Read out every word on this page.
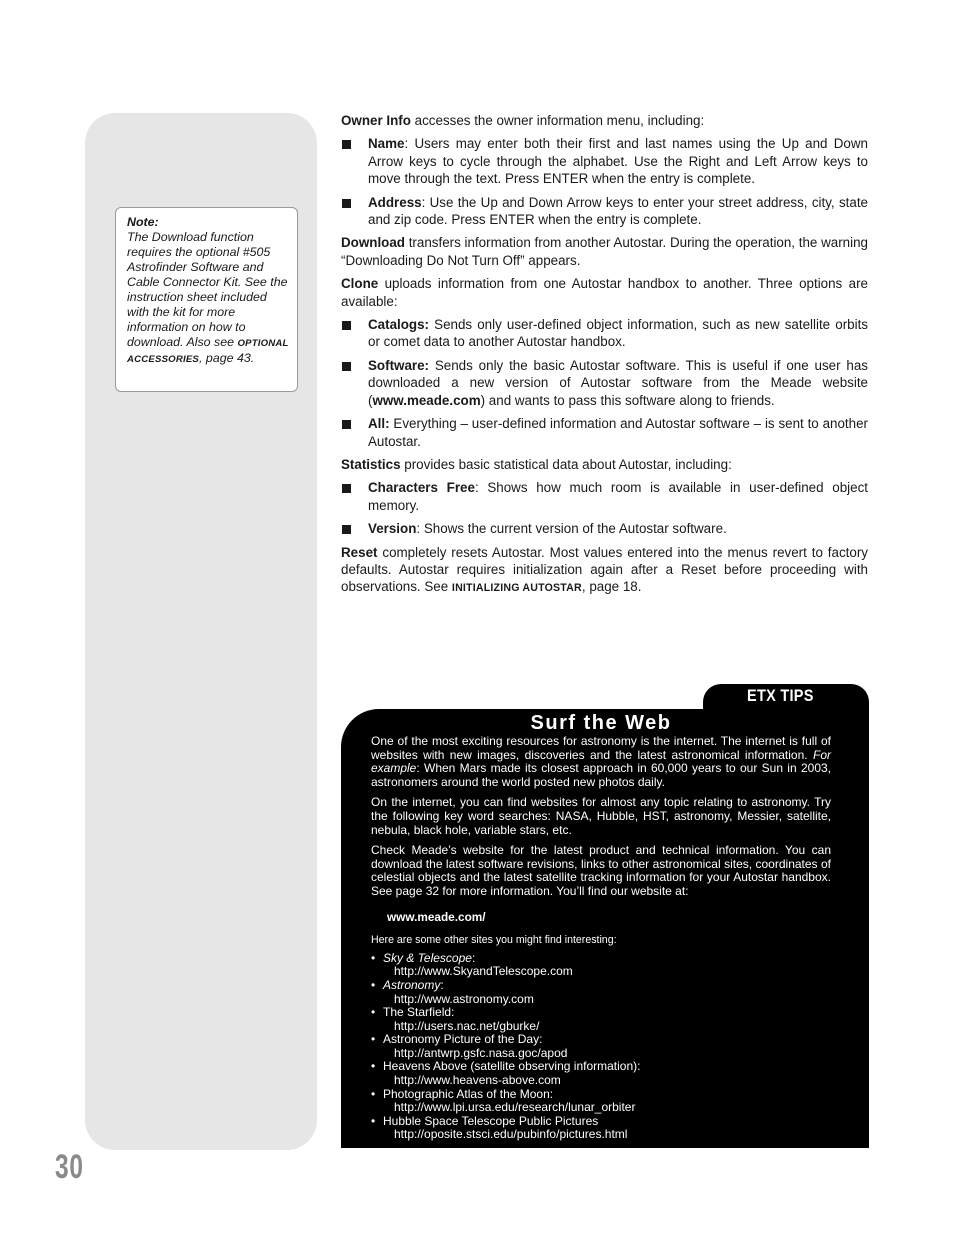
Note:
The Download function requires the optional #505 Astrofinder Software and Cable Connector Kit. See the instruction sheet included with the kit for more information on how to download. Also see OPTIONAL ACCESSORIES, page 43.

Owner Info accesses the owner information menu, including:

Name: Users may enter both their first and last names using the Up and Down Arrow keys to cycle through the alphabet. Use the Right and Left Arrow keys to move through the text. Press ENTER when the entry is complete.
Address: Use the Up and Down Arrow keys to enter your street address, city, state and zip code. Press ENTER when the entry is complete.

Download transfers information from another Autostar. During the operation, the warning “Downloading Do Not Turn Off” appears.

Clone uploads information from one Autostar handbox to another. Three options are available:

Catalogs: Sends only user-defined object information, such as new satellite orbits or comet data to another Autostar handbox.
Software: Sends only the basic Autostar software. This is useful if one user has downloaded a new version of Autostar software from the Meade website (www.meade.com) and wants to pass this software along to friends.
All: Everything – user-defined information and Autostar software – is sent to another Autostar.

Statistics provides basic statistical data about Autostar, including:

Characters Free: Shows how much room is available in user-defined object memory.
Version: Shows the current version of the Autostar software.

Reset completely resets Autostar. Most values entered into the menus revert to factory defaults. Autostar requires initialization again after a Reset before proceeding with observations. See INITIALIZING AUTOSTAR, page 18.

ETX TIPS
Surf the Web

One of the most exciting resources for astronomy is the internet. The internet is full of websites with new images, discoveries and the latest astronomical information. For example: When Mars made its closest approach in 60,000 years to our Sun in 2003, astronomers around the world posted new photos daily.

On the internet, you can find websites for almost any topic relating to astronomy. Try the following key word searches: NASA, Hubble, HST, astronomy, Messier, satellite, nebula, black hole, variable stars, etc.

Check Meade’s website for the latest product and technical information. You can download the latest software revisions, links to other astronomical sites, coordinates of celestial objects and the latest satellite tracking information for your Autostar handbox. See page 32 for more information. You’ll find our website at:

www.meade.com/

Here are some other sites you might find interesting:

• Sky & Telescope:
http://www.SkyandTelescope.com
• Astronomy:
http://www.astronomy.com
• The Starfield:
http://users.nac.net/gburke/
• Astronomy Picture of the Day:
http://antwrp.gsfc.nasa.goc/apod
• Heavens Above (satellite observing information):
http://www.heavens-above.com
• Photographic Atlas of the Moon:
http://www.lpi.ursa.edu/research/lunar_orbiter
• Hubble Space Telescope Public Pictures
http://oposite.stsci.edu/pubinfo/pictures.html
30
